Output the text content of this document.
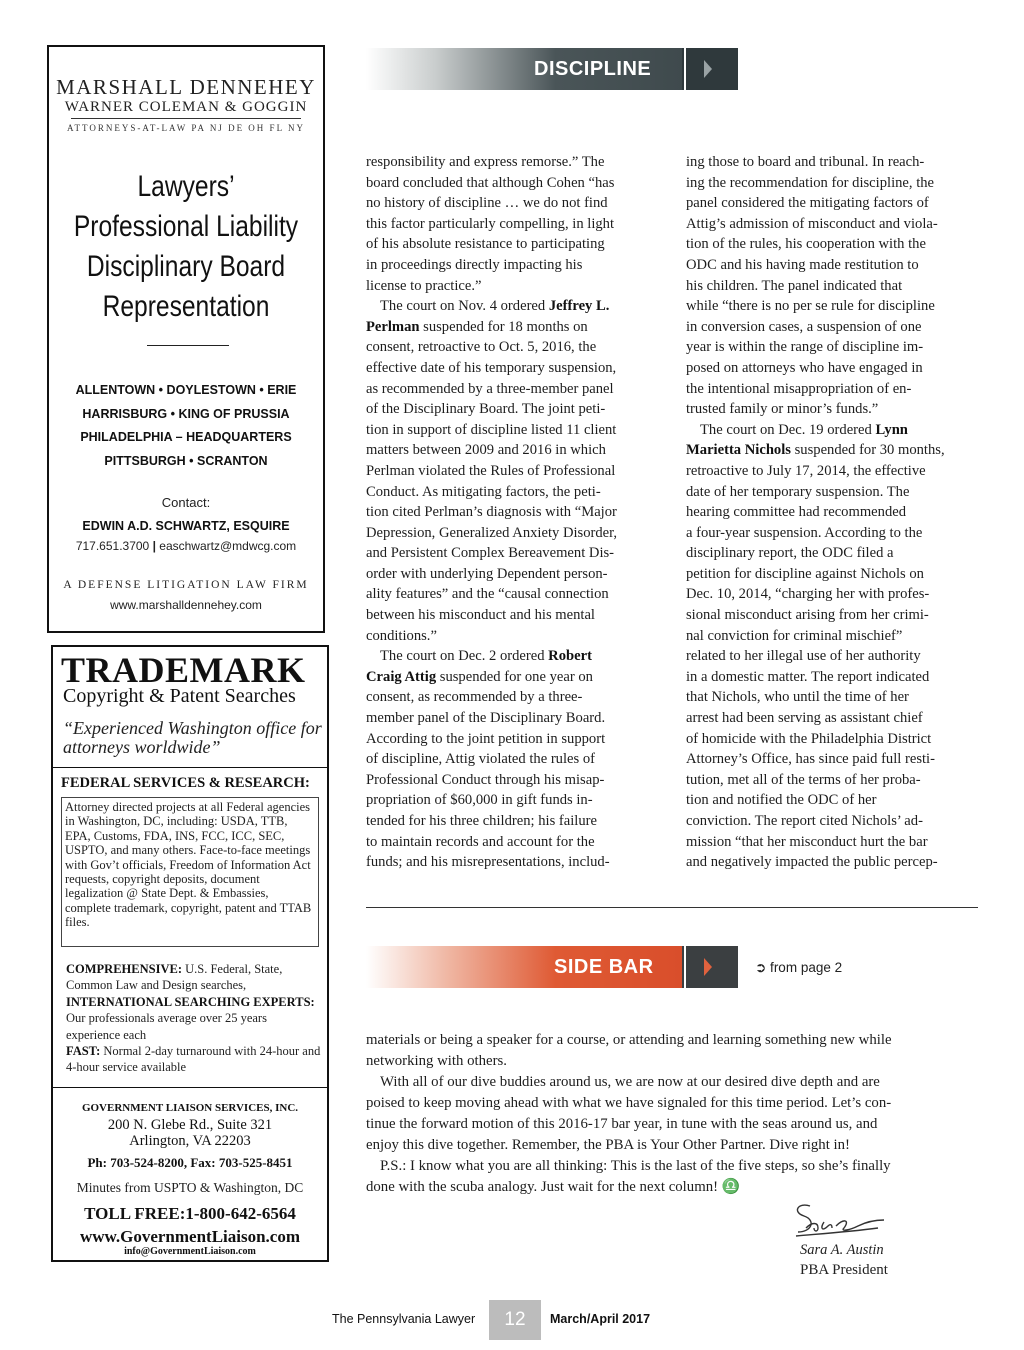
MARSHALL DENNEHEY
WARNER COLEMAN & GOGGIN
ATTORNEYS-AT-LAW PA NJ DE OH FL NY
Lawyers’
Professional Liability
Disciplinary Board
Representation
ALLENTOWN • DOYLESTOWN • ERIE
HARRISBURG • KING OF PRUSSIA
PHILADELPHIA – HEADQUARTERS
PITTSBURGH • SCRANTON
Contact:
EDWIN A.D. SCHWARTZ, ESQUIRE
717.651.3700 | easchwartz@mdwcg.com
A DEFENSE LITIGATION LAW FIRM
www.marshalldennehey.com
TRADEMARK
Copyright & Patent Searches
“Experienced Washington office for attorneys worldwide”
FEDERAL SERVICES & RESEARCH:
Attorney directed projects at all Federal agencies in Washington, DC, including: USDA, TTB, EPA, Customs, FDA, INS, FCC, ICC, SEC, USPTO, and many others. Face-to-face meetings with Gov’t officials, Freedom of Information Act requests, copyright deposits, document legalization @ State Dept. & Embassies, complete trademark, copyright, patent and TTAB files.
COMPREHENSIVE: U.S. Federal, State, Common Law and Design searches,
INTERNATIONAL SEARCHING EXPERTS: Our professionals average over 25 years experience each
FAST: Normal 2-day turnaround with 24-hour and 4-hour service available
GOVERNMENT LIAISON SERVICES, INC.
200 N. Glebe Rd., Suite 321
Arlington, VA 22203
Ph: 703-524-8200, Fax: 703-525-8451
Minutes from USPTO & Washington, DC
TOLL FREE:1-800-642-6564
www.GovernmentLiaison.com
info@GovernmentLiaison.com
DISCIPLINE

responsibility and express remorse.” The
board concluded that although Cohen “has
no history of discipline … we do not find
this factor particularly compelling, in light
of his absolute resistance to participating
in proceedings directly impacting his
license to practice.”

The court on Nov. 4 ordered Jeffrey L.
Perlman suspended for 18 months on
consent, retroactive to Oct. 5, 2016, the
effective date of his temporary suspension,
as recommended by a three-member panel
of the Disciplinary Board. The joint peti-
tion in support of discipline listed 11 client
matters between 2009 and 2016 in which
Perlman violated the Rules of Professional
Conduct. As mitigating factors, the peti-
tion cited Perlman’s diagnosis with “Major
Depression, Generalized Anxiety Disorder,
and Persistent Complex Bereavement Dis-
order with underlying Dependent person-
ality features” and the “causal connection
between his misconduct and his mental
conditions.”

The court on Dec. 2 ordered Robert
Craig Attig suspended for one year on
consent, as recommended by a three-
member panel of the Disciplinary Board.
According to the joint petition in support
of discipline, Attig violated the rules of
Professional Conduct through his misap-
propriation of $60,000 in gift funds in-
tended for his three children; his failure
to maintain records and account for the
funds; and his misrepresentations, includ-

ing those to board and tribunal. In reach-
ing the recommendation for discipline, the
panel considered the mitigating factors of
Attig’s admission of misconduct and viola-
tion of the rules, his cooperation with the
ODC and his having made restitution to
his children. The panel indicated that
while “there is no per se rule for discipline
in conversion cases, a suspension of one
year is within the range of discipline im-
posed on attorneys who have engaged in
the intentional misappropriation of en-
trusted family or minor’s funds.”

The court on Dec. 19 ordered Lynn
Marietta Nichols suspended for 30 months,
retroactive to July 17, 2014, the effective
date of her temporary suspension. The
hearing committee had recommended
a four-year suspension. According to the
disciplinary report, the ODC filed a
petition for discipline against Nichols on
Dec. 10, 2014, “charging her with profes-
sional misconduct arising from her crimi-
nal conviction for criminal mischief”
related to her illegal use of her authority
in a domestic matter. The report indicated
that Nichols, who until the time of her
arrest had been serving as assistant chief
of homicide with the Philadelphia District
Attorney’s Office, has since paid full resti-
tution, met all of the terms of her proba-
tion and notified the ODC of her
conviction. The report cited Nichols’ ad-
mission “that her misconduct hurt the bar
and negatively impacted the public percep-

SIDE BAR	➲ from page 2

materials or being a speaker for a course, or attending and learning something new while
networking with others.

With all of our dive buddies around us, we are now at our desired dive depth and are
poised to keep moving ahead with what we have signaled for this time period. Let’s con-
tinue the forward motion of this 2016-17 bar year, in tune with the seas around us, and
enjoy this dive together. Remember, the PBA is Your Other Partner. Dive right in!

P.S.: I know what you are all thinking: This is the last of the five steps, so she’s finally
done with the scuba analogy. Just wait for the next column! ♎

Sara A. Austin
PBA President
The Pennsylvania Lawyer	12	March/April 2017
